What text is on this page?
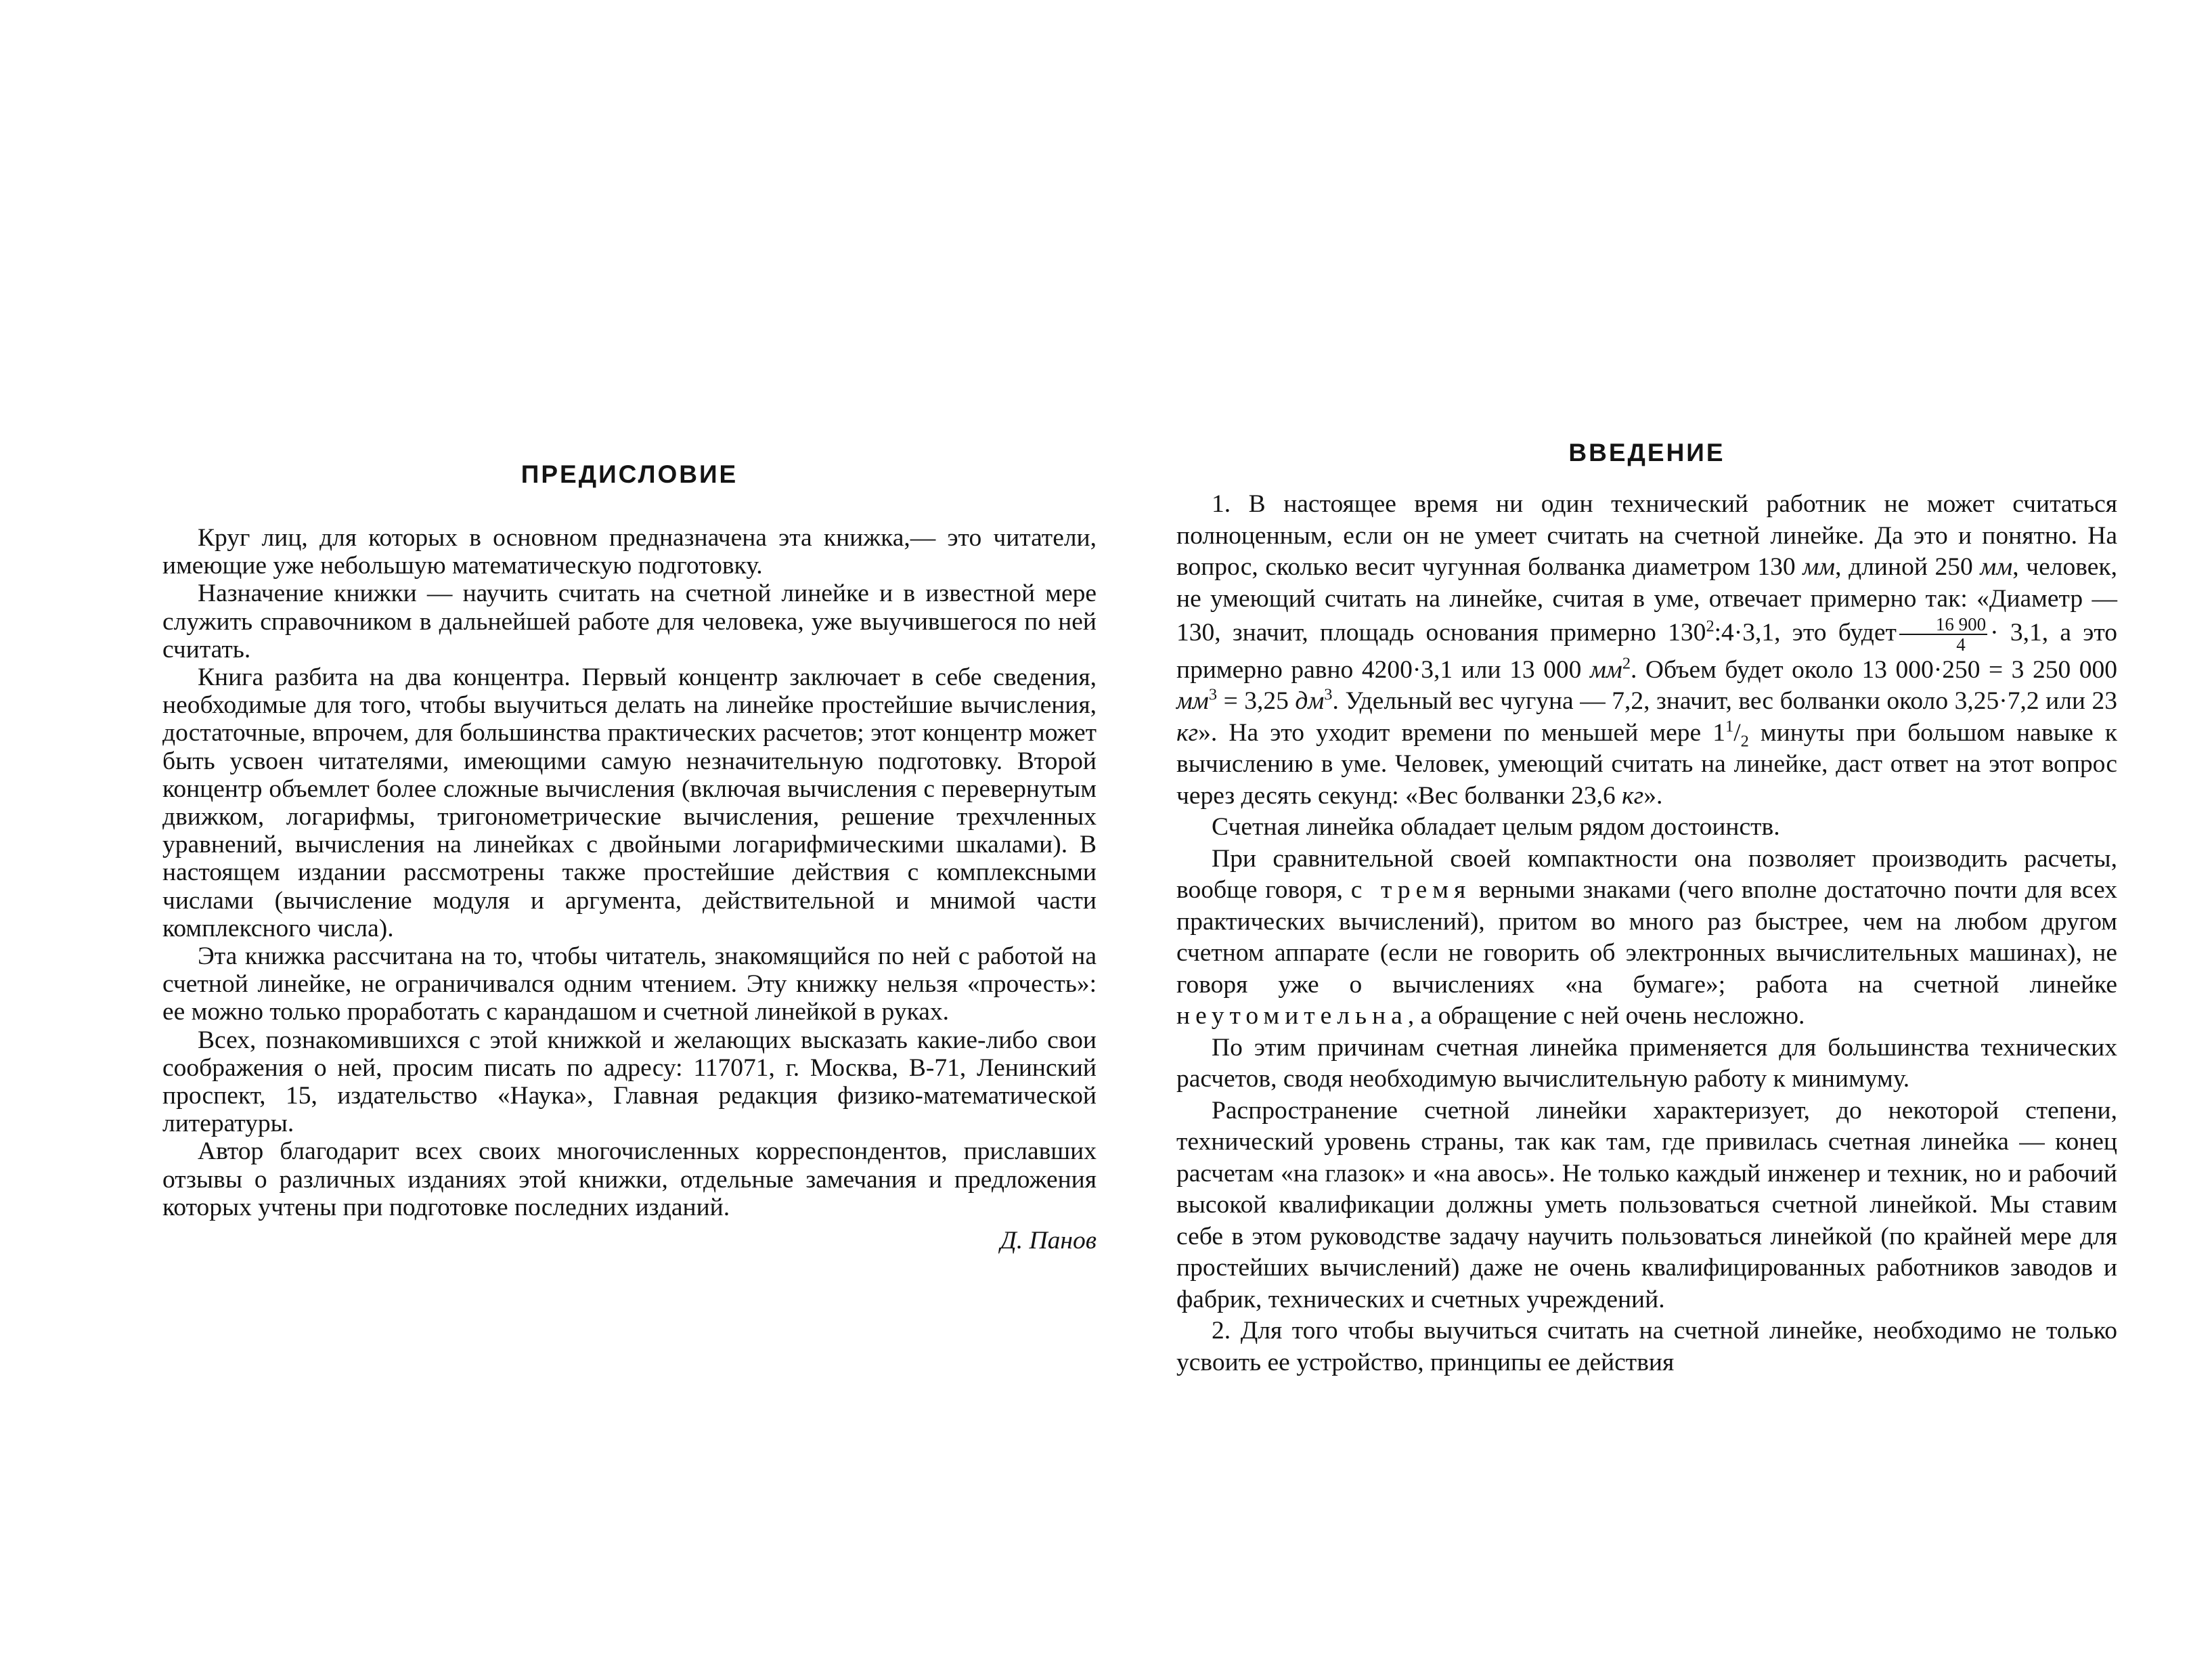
ПРЕДИСЛОВИЕ

Круг лиц, для которых в основном предназначена эта книжка,— это читатели, имеющие уже небольшую математическую подготовку.

Назначение книжки — научить считать на счетной линейке и в известной мере служить справочником в дальнейшей работе для человека, уже выучившегося по ней считать.

Книга разбита на два концентра. Первый концентр заключает в себе сведения, необходимые для того, чтобы выучиться делать на линейке простейшие вычисления, достаточные, впрочем, для большинства практических расчетов; этот концентр может быть усвоен читателями, имеющими самую незначительную подготовку. Второй концентр объемлет более сложные вычисления (включая вычисления с перевернутым движком, логарифмы, тригонометрические вычисления, решение трехчленных уравнений, вычисления на линейках с двойными логарифмическими шкалами). В настоящем издании рассмотрены также простейшие действия с комплексными числами (вычисление модуля и аргумента, действительной и мнимой части комплексного числа).

Эта книжка рассчитана на то, чтобы читатель, знакомящийся по ней с работой на счетной линейке, не ограничивался одним чтением. Эту книжку нельзя «прочесть»: ее можно только проработать с карандашом и счетной линейкой в руках.

Всех, познакомившихся с этой книжкой и желающих высказать какие-либо свои соображения о ней, просим писать по адресу: 117071, г. Москва, В-71, Ленинский проспект, 15, издательство «Наука», Главная редакция физико-математической литературы.

Автор благодарит всех своих многочисленных корреспондентов, приславших отзывы о различных изданиях этой книжки, отдельные замечания и предложения которых учтены при подготовке последних изданий.

Д. Панов

ВВЕДЕНИЕ

1. В настоящее время ни один технический работник не может считаться полноценным, если он не умеет считать на счетной линейке. Да это и понятно. На вопрос, сколько весит чугунная болванка диаметром 130 мм, длиной 250 мм, человек, не умеющий считать на линейке, считая в уме, отвечает примерно так: «Диаметр — 130, значит, площадь основания примерно $130^2:4\cdot 3,1$, это будет $\frac{16 900}{4} \cdot 3,1$, а это примерно равно 4200·3,1 или 13 000 $мм^2$. Объем будет около 13 000·250 = 3 250 000 $мм^3 = 3,25$ $дм^3$. Удельный вес чугуна — 7,2, значит, вес болванки около 3,25·7,2 или 23 кг». На это уходит времени по меньшей мере $1^1/_2$ минуты при большом навыке к вычислению в уме. Человек, умеющий считать на линейке, даст ответ на этот вопрос через десять секунд: «Вес болванки 23,6 кг».

Счетная линейка обладает целым рядом достоинств.

При сравнительной своей компактности она позволяет производить расчеты, вообще говоря, с тремя верными знаками (чего вполне достаточно почти для всех практических вычислений), притом во много раз быстрее, чем на любом другом счетном аппарате (если не говорить об электронных вычислительных машинах), не говоря уже о вычислениях «на бумаге»; работа на счетной линейке неутомительна, а обращение с ней очень несложно.

По этим причинам счетная линейка применяется для большинства технических расчетов, сводя необходимую вычислительную работу к минимуму.

Распространение счетной линейки характеризует, до некоторой степени, технический уровень страны, так как там, где привилась счетная линейка — конец расчетам «на глазок» и «на авось». Не только каждый инженер и техник, но и рабочий высокой квалификации должны уметь пользоваться счетной линейкой. Мы ставим себе в этом руководстве задачу научить пользоваться линейкой (по крайней мере для простейших вычислений) даже не очень квалифицированных работников заводов и фабрик, технических и счетных учреждений.

2. Для того чтобы выучиться считать на счетной линейке, необходимо не только усвоить ее устройство, принципы ее действия
